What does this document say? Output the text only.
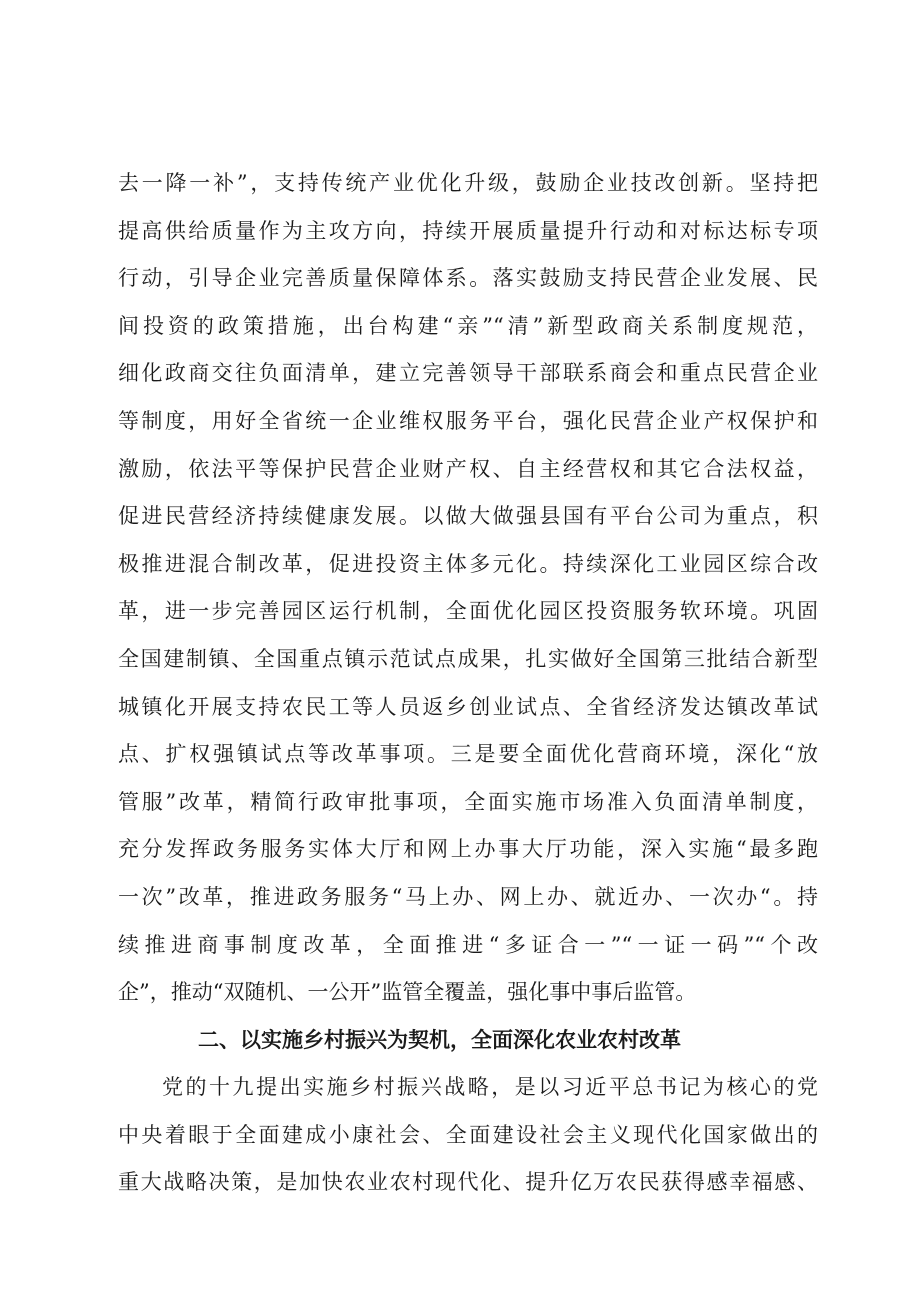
去一降一补”，支持传统产业优化升级，鼓励企业技改创新。坚持把
提高供给质量作为主攻方向，持续开展质量提升行动和对标达标专项
行动，引导企业完善质量保障体系。落实鼓励支持民营企业发展、民
间投资的政策措施，出台构建“亲”“清”新型政商关系制度规范，
细化政商交往负面清单，建立完善领导干部联系商会和重点民营企业
等制度，用好全省统一企业维权服务平台，强化民营企业产权保护和
激励，依法平等保护民营企业财产权、自主经营权和其它合法权益，
促进民营经济持续健康发展。以做大做强县国有平台公司为重点，积
极推进混合制改革，促进投资主体多元化。持续深化工业园区综合改
革，进一步完善园区运行机制，全面优化园区投资服务软环境。巩固
全国建制镇、全国重点镇示范试点成果，扎实做好全国第三批结合新型
城镇化开展支持农民工等人员返乡创业试点、全省经济发达镇改革试
点、扩权强镇试点等改革事项。三是要全面优化营商环境，深化“放
管服”改革，精简行政审批事项，全面实施市场准入负面清单制度，
充分发挥政务服务实体大厅和网上办事大厅功能，深入实施“最多跑
一次”改革，推进政务服务“马上办、网上办、就近办、一次办“。持
续推进商事制度改革，全面推进“多证合一”“一证一码”“个改
企”，推动“双随机、一公开”监管全覆盖，强化事中事后监管。
二、以实施乡村振兴为契机，全面深化农业农村改革
党的十九提出实施乡村振兴战略，是以习近平总书记为核心的党
中央着眼于全面建成小康社会、全面建设社会主义现代化国家做出的
重大战略决策，是加快农业农村现代化、提升亿万农民获得感幸福感、
